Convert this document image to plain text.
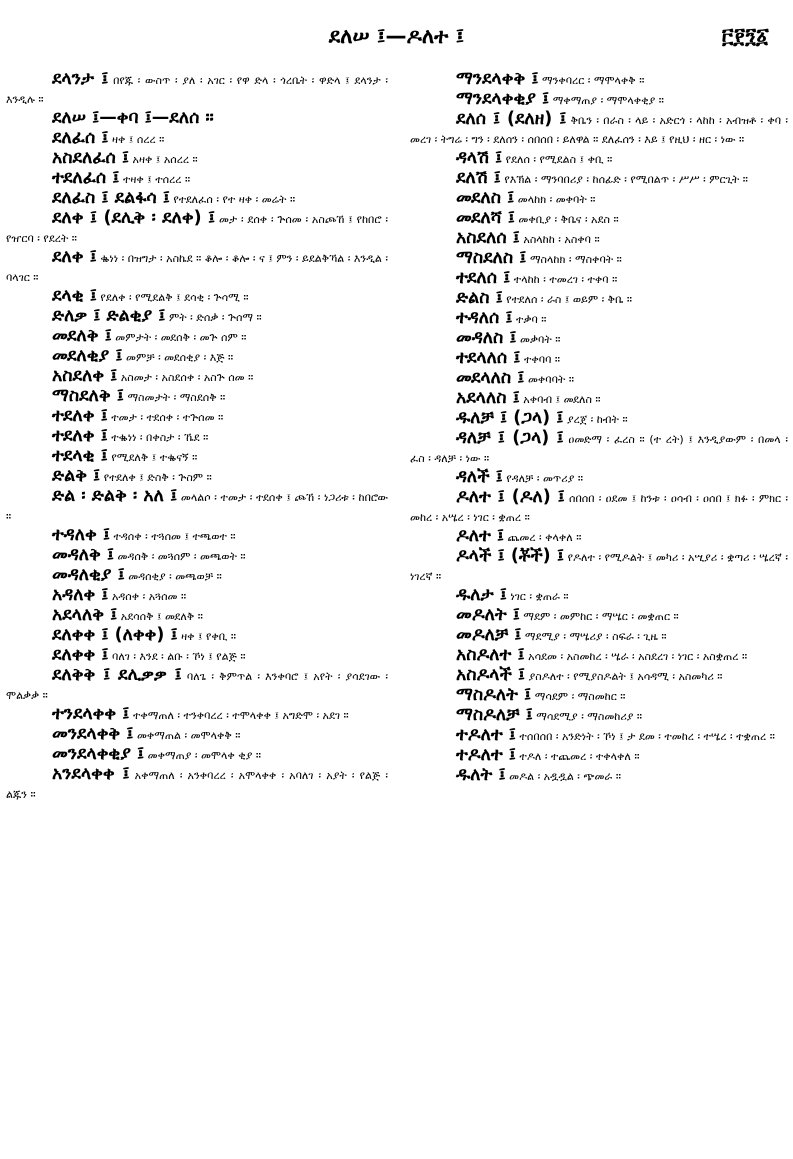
ደለሠ ፤—ዶለተ ፤	፫፻፺፩

ደላንታ ፤ በየጁ ፡ ውስጥ ፡ ያለ ፡ አገር ፡ የዋ ድላ ፡ ጎረቤት ፡ ዋድላ ፤ ደላንታ ፡ እንዲሉ ።

ደለሠ ፤—ቀባ ፤—ደለሰ ።

ደለፈሰ ፤ ዛቀ ፤ ሰረረ ።

አስደለፈሰ ፤ አዛቀ ፤ አሰረረ ።

ተደለፈሰ ፤ ተዛቀ ፤ ተሰረረ ።

ደለፈስ ፤ ደልፋሳ ፤ የተደለፈሰ ፡ የተ ዛቀ ፡ መሬት ።

ደለቀ ፤ (ደሊቅ ፡ ደለቀ) ፤ መታ ፡ ደሰቀ ፡ ጕሰመ ፡ አስጮኸ ፤ የከበሮ ፡ የዠርባ ፡ የደረት ።

ደለቀ ፤ ቈነነ ፡ በዝግታ ፡ አስኬደ ። ቆሎ ፡ ቆሎ ፡ ና ፤ ምን ፡ ይደልቅኻል ፡ እንዲል ፡ ባላገር ።

ደላቂ ፤ የደለቀ ፡ የሚደልቅ ፤ ደሳቂ ፡ ጕሳሚ ።

ድለቃ ፤ ድልቂያ ፤ ምት ፡ ድሰቃ ፡ ጕሰማ ።

መደለቅ ፤ መምታት ፡ መደሰቅ ፡ መጕ ሰም ።

መደለቂያ ፤ መምቻ ፡ መደሰቂያ ፡ እጅ ።

አስደለቀ ፤ አስመታ ፡ አስደሰቀ ፡ አስጕ ሰመ ።

ማስደለቅ ፤ ማስመታት ፡ ማስደሰቅ ።

ተደለቀ ፤ ተመታ ፡ ተደሰቀ ፡ ተጕሰመ ።

ተደለቀ ፤ ተቈነነ ፡ በቀስታ ፡ ኼደ ።

ተደላቂ ፤ የሚደለቅ ፤ ተቈናኝ ።

ድልቅ ፤ የተደለቀ ፤ ድስቅ ፡ ጕስም ።

ድል ፡ ድልቅ ፡ አለ ፤ መላልሶ ፡ ተመታ ፡ ተደሰቀ ፤ ጮኸ ፡ ነጋሪቱ ፡ ከበሮው ።

ተዳለቀ ፤ ተዳሰቀ ፡ ተጓሰመ ፤ ተጫወተ ።

መዳለቅ ፤ መዳሰቅ ፡ መጓሰም ፡ መጫወት ።

መዳለቂያ ፤ መዳሰቂያ ፡ መጫወቻ ።

አዳለቀ ፤ አዳሰቀ ፡ አጓሰመ ።

አደላለቅ ፤ አደሳሰቅ ፤ መደለቅ ።

ደለቀቀ ፤ (ለቀቀ) ፤ ዛቀ ፤ የቀቢ ።

ደለቀቀ ፤ ባለገ ፡ እንደ ፡ ልቡ ፡ ኾነ ፤ የልጅ ።

ደለቅቅ ፤ ደሊቃቃ ፤ ባለጌ ፡ ቅምጥል ፡ እንቀባሮ ፤ አየት ፡ ያሳደገው ፡ ሞልቃቃ ።

ተንደላቀቀ ፤ ተቀማጠለ ፡ ተንቀባረረ ፡ ተሞላቀቀ ፤ አግድሞ ፡ አደገ ።

መንደላቀቅ ፤ መቀማጠል ፡ መሞላቀቅ ።

መንደላቀቂያ ፤ መቀማጠያ ፡ መሞላቀ ቂያ ።

አንደላቀቀ ፤ አቀማጠለ ፡ አንቀባረረ ፡ አሞላቀቀ ፡ አባለገ ፡ አያት ፡ የልጅ ፡ ልጁን ።

ማንደላቀቅ ፤ ማንቀባረር ፡ ማሞላቀቅ ።

ማንደላቀቂያ ፤ ማቀማጠያ ፡ ማሞላቀቂያ ።

ደለሰ ፤ (ደለዘ) ፤ ቅቤን ፡ በራስ ፡ ላይ ፡ አድርጎ ፡ ላከከ ፡ አብዝቶ ፡ ቀባ ፡ መረገ ፡ ትግሬ ፡ ግን ፡ ደለሰን ፡ ሰበሰበ ፡ ይለዋል ። ደለፈሰን ፡ እይ ፤ የዚህ ፡ ዘር ፡ ነው ።

ዳላሽ ፤ የደለሰ ፡ የሚደልስ ፤ ቀቢ ።

ደለሽ ፤ የእኽል ፡ ማንባበሪያ ፡ ከሰፊድ ፡ የሚበልጥ ፡ ሥሥ ፡ ምርጊት ።

መደለስ ፤ መላከክ ፡ መቀባት ።

መደለሻ ፤ መቀቢያ ፡ ቅቤና ፡ አደስ ።

አስደለሰ ፤ አስላከከ ፡ አስቀባ ።

ማስደለስ ፤ ማስላከክ ፡ ማስቀባት ።

ተደለሰ ፤ ተላከከ ፡ ተመረገ ፡ ተቀባ ።

ድልስ ፤ የተደለሰ ፡ ራስ ፤ ወይም ፡ ቅቤ ።

ተዳለሰ ፤ ተቃባ ።

መዳለስ ፤ መቃባት ።

ተደላለሰ ፤ ተቀባባ ።

መደላለስ ፤ መቀባባት ።

አደላለስ ፤ አቀባብ ፤ መደለስ ።

ዱለቻ ፤ (ጋላ) ፤ ያረጀ ፡ ከብት ።

ዳለቻ ፤ (ጋላ) ፤ ዐመድማ ፡ ፈረስ ። (ተ ረት) ፤ እንዲያውም ፡ በመላ ፡ ፈስ ፡ ዳለቻ ፡ ነው ።

ዳለች ፤ የዳለቻ ፡ መጥሪያ ።

ዶለተ ፤ (ዶለ) ፤ ሰበሰበ ፡ ዐደመ ፤ ከንቱ ፡ ዐሳብ ፡ ዐሰበ ፤ ክፉ ፡ ምክር ፡ መከረ ፡ አሤረ ፡ ነገር ፡ ቋጠረ ።

ዶለተ ፤ ጨመረ ፡ ቀላቀለ ።

ዶላች ፤ (ቾች) ፤ የዶለተ ፡ የሚዶልት ፤ መካሪ ፡ አሢያሪ ፡ ቋጣሪ ፡ ሤረኛ ፡ ነገረኛ ።

ዱለታ ፤ ነገር ፡ ቋጠራ ።

መዶለት ፤ ማደም ፡ መምከር ፡ ማሤር ፡ መቋጠር ።

መዶለቻ ፤ ማደሚያ ፡ ማሤሪያ ፡ ስፍራ ፡ ጊዜ ።

አስዶለተ ፤ አሳደመ ፡ አስመከረ ፡ ሤራ ፡ አስደረገ ፡ ነገር ፡ አስቋጠረ ።

አስዶላች ፤ ያስዶለተ ፡ የሚያስዶልት ፤ አሳዳሚ ፡ አስመካሪ ።

ማስዶለት ፤ ማሳደም ፡ ማስመከር ።

ማስዶለቻ ፤ ማሳደሚያ ፡ ማስመከሪያ ።

ተዶለተ ፤ ተሰበሰበ ፡ አንድነት ፡ ኾነ ፤ ታ ደመ ፡ ተመከረ ፡ ተሤረ ፡ ተቋጠረ ።

ተዶለተ ፤ ተዶለ ፡ ተጨመረ ፡ ተቀላቀለ ።

ዱለት ፤ መዶል ፡ አዷዷል ፡ ጭመራ ።
